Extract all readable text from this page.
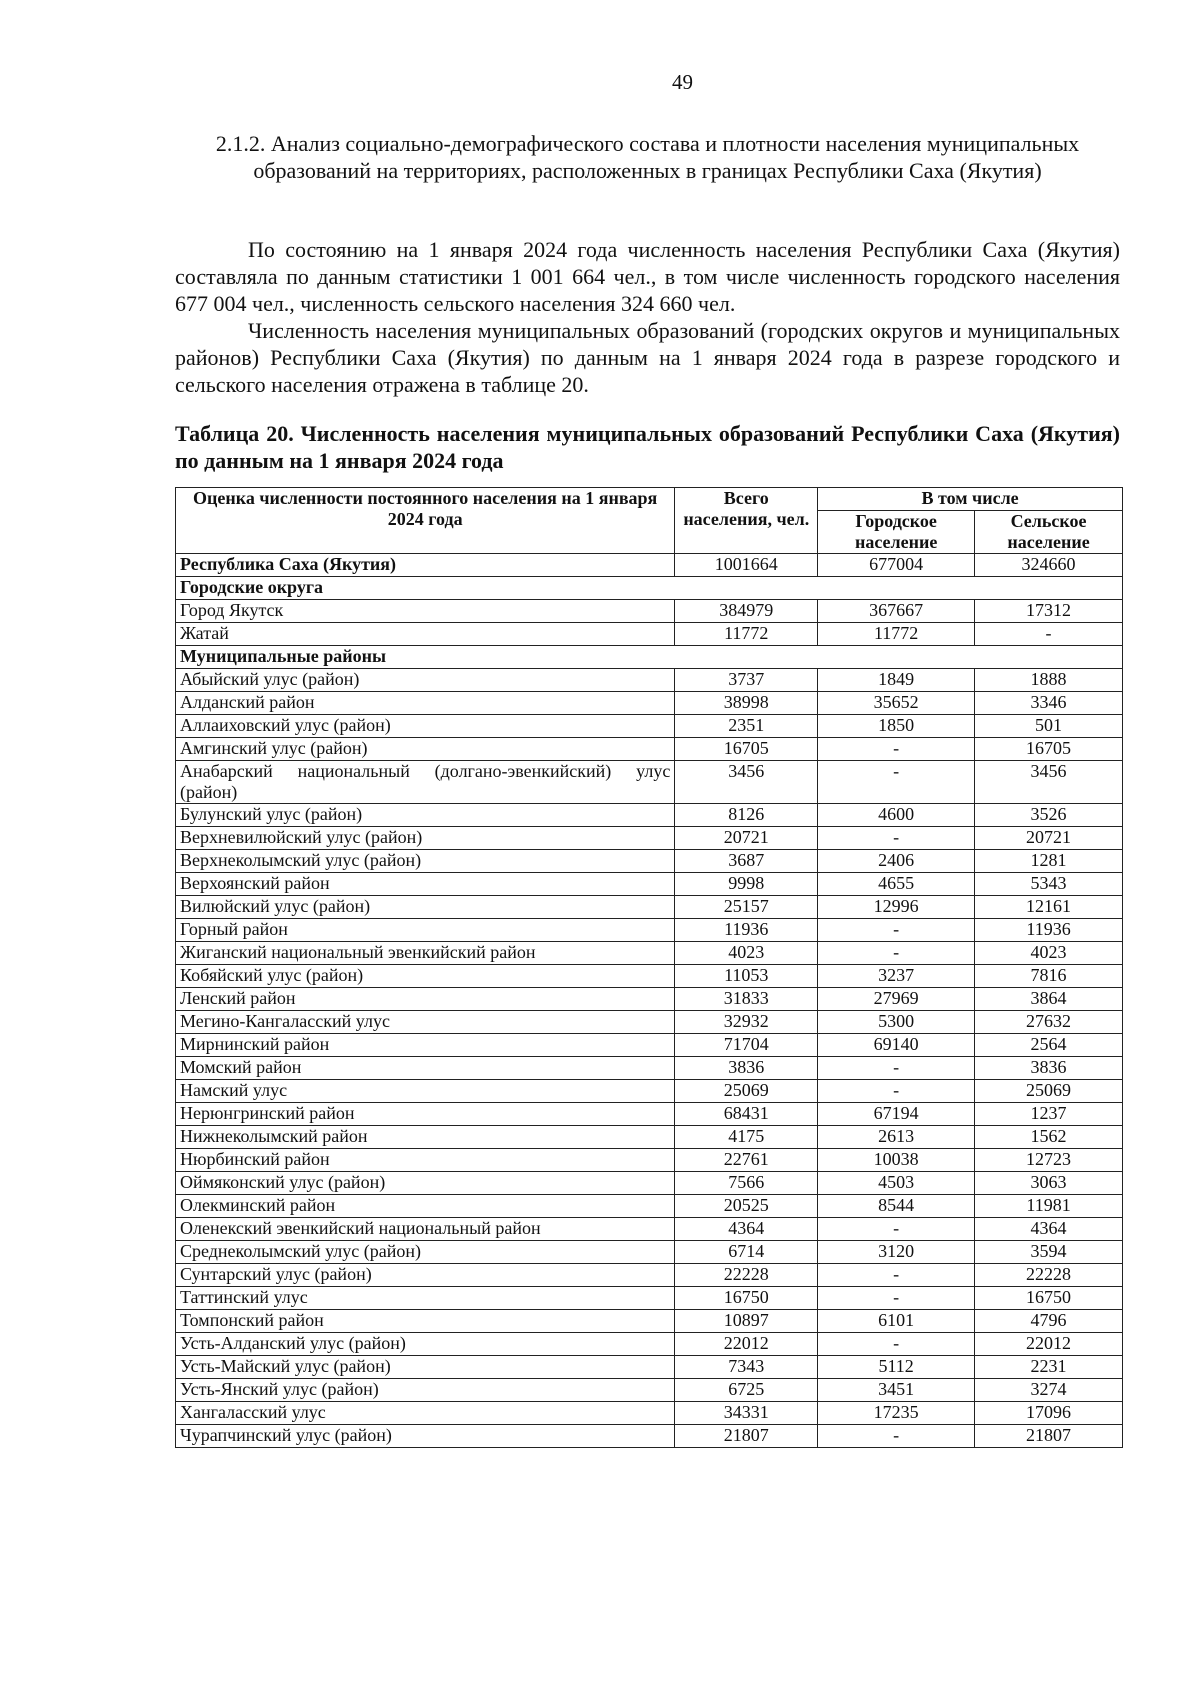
49
2.1.2. Анализ социально-демографического состава и плотности населения муниципальных образований на территориях, расположенных в границах Республики Саха (Якутия)

По состоянию на 1 января 2024 года численность населения Республики Саха (Якутия) составляла по данным статистики 1 001 664 чел., в том числе численность городского населения 677 004 чел., численность сельского населения 324 660 чел.

Численность населения муниципальных образований (городских округов и муниципальных районов) Республики Саха (Якутия) по данным на 1 января 2024 года в разрезе городского и сельского населения отражена в таблице 20.

Таблица 20. Численность населения муниципальных образований Республики Саха (Якутия) по данным на 1 января 2024 года

Оценка численности постоянного населения на 1 января 2024 года	Всего населения, чел.	В том числе	
		Городское население	Сельское население
Республика Саха (Якутия)	1001664	677004	324660
Городские округа			
Город Якутск	384979	367667	17312
Жатай	11772	11772	-
Муниципальные районы			
Абыйский улус (район)	3737	1849	1888
Алданский район	38998	35652	3346
Аллаиховский улус (район)	2351	1850	501
Амгинский улус (район)	16705	-	16705
Анабарский национальный (долгано-эвенкийский) улус (район)	3456	-	3456
Булунский улус (район)	8126	4600	3526
Верхневилюйский улус (район)	20721	-	20721
Верхнеколымский улус (район)	3687	2406	1281
Верхоянский район	9998	4655	5343
Вилюйский улус (район)	25157	12996	12161
Горный район	11936	-	11936
Жиганский национальный эвенкийский район	4023	-	4023
Кобяйский улус (район)	11053	3237	7816
Ленский район	31833	27969	3864
Мегино-Кангаласский улус	32932	5300	27632
Мирнинский район	71704	69140	2564
Момский район	3836	-	3836
Намский улус	25069	-	25069
Нерюнгринский район	68431	67194	1237
Нижнеколымский район	4175	2613	1562
Нюрбинский район	22761	10038	12723
Оймяконский улус (район)	7566	4503	3063
Олекминский район	20525	8544	11981
Оленекский эвенкийский национальный район	4364	-	4364
Среднеколымский улус (район)	6714	3120	3594
Сунтарский улус (район)	22228	-	22228
Таттинский улус	16750	-	16750
Томпонский район	10897	6101	4796
Усть-Алданский улус (район)	22012	-	22012
Усть-Майский улус (район)	7343	5112	2231
Усть-Янский улус (район)	6725	3451	3274
Хангаласский улус	34331	17235	17096
Чурапчинский улус (район)	21807	-	21807
